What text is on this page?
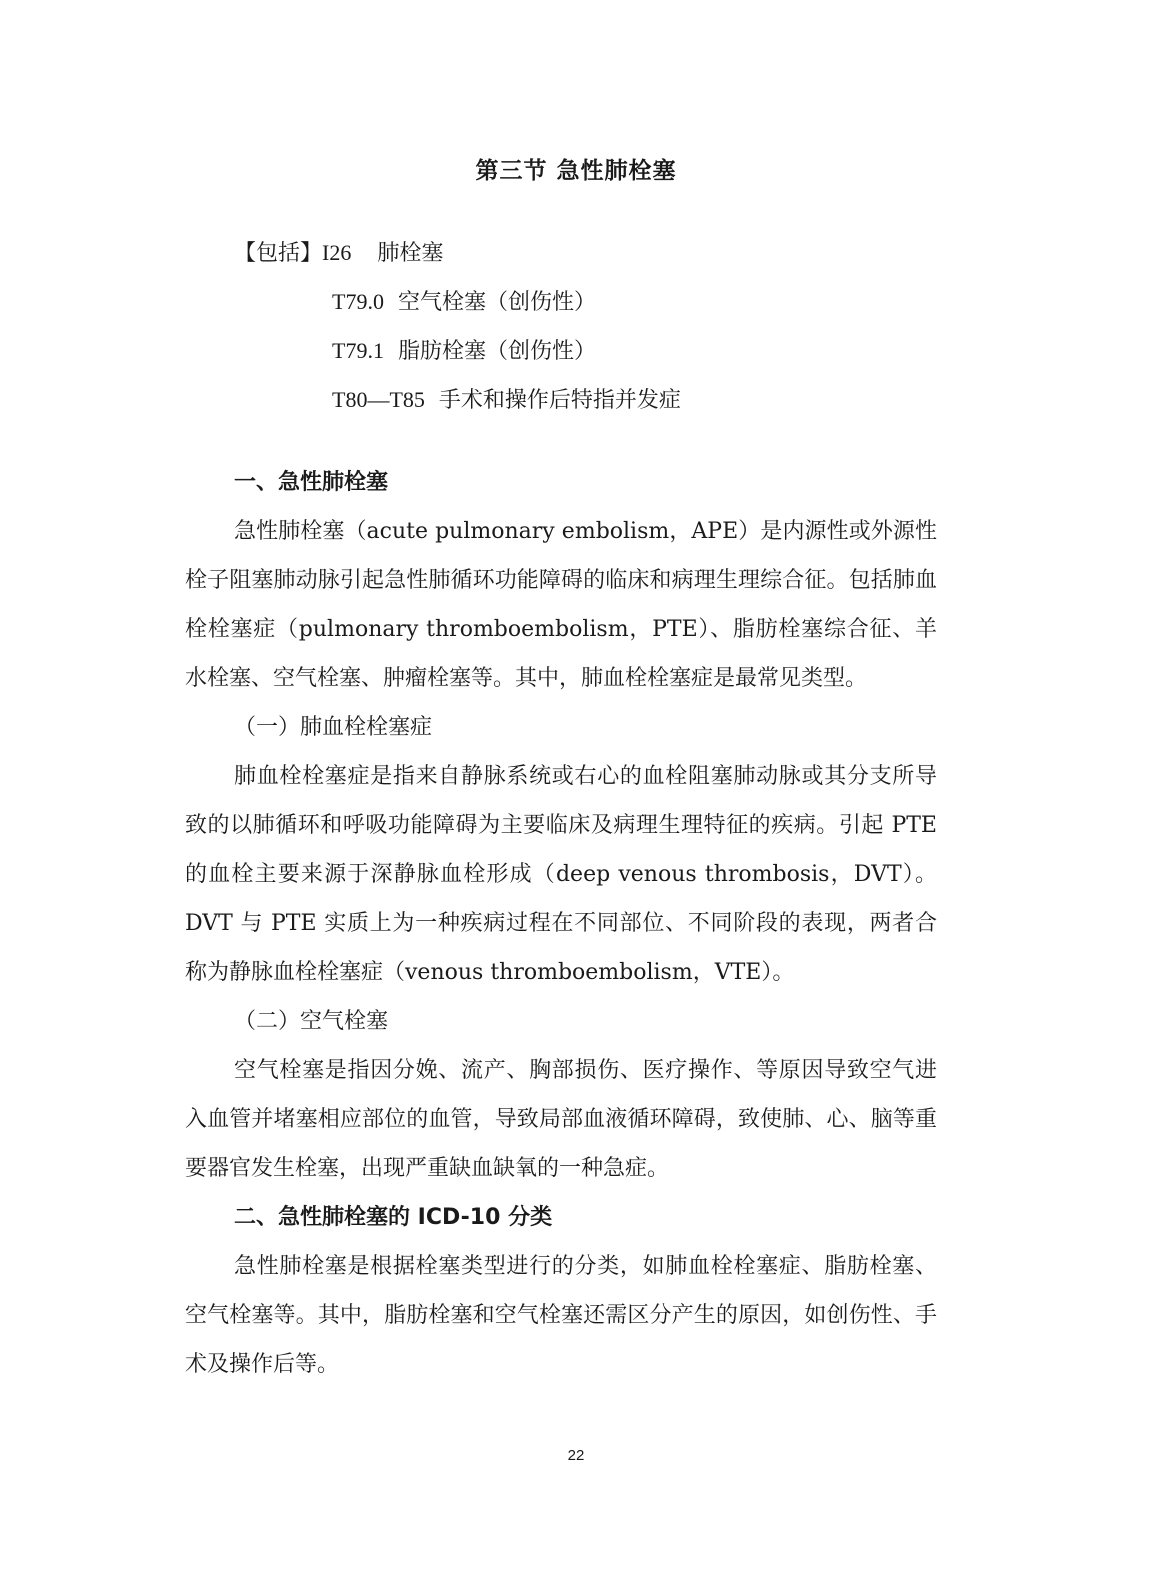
第三节 急性肺栓塞
【包括】I26 肺栓塞
T79.0 空气栓塞（创伤性）
T79.1 脂肪栓塞（创伤性）
T80—T85 手术和操作后特指并发症
一、急性肺栓塞

急性肺栓塞（acute pulmonary embolism，APE）是内源性或外源性栓子阻塞肺动脉引起急性肺循环功能障碍的临床和病理生理综合征。包括肺血栓栓塞症（pulmonary thromboembolism，PTE）、脂肪栓塞综合征、羊水栓塞、空气栓塞、肿瘤栓塞等。其中，肺血栓栓塞症是最常见类型。

（一）肺血栓栓塞症

肺血栓栓塞症是指来自静脉系统或右心的血栓阻塞肺动脉或其分支所导致的以肺循环和呼吸功能障碍为主要临床及病理生理特征的疾病。引起 PTE 的血栓主要来源于深静脉血栓形成（deep venous thrombosis，DVT）。DVT 与 PTE 实质上为一种疾病过程在不同部位、不同阶段的表现，两者合称为静脉血栓栓塞症（venous thromboembolism，VTE）。

（二）空气栓塞

空气栓塞是指因分娩、流产、胸部损伤、医疗操作、等原因导致空气进入血管并堵塞相应部位的血管，导致局部血液循环障碍，致使肺、心、脑等重要器官发生栓塞，出现严重缺血缺氧的一种急症。

二、急性肺栓塞的 ICD-10 分类

急性肺栓塞是根据栓塞类型进行的分类，如肺血栓栓塞症、脂肪栓塞、空气栓塞等。其中，脂肪栓塞和空气栓塞还需区分产生的原因，如创伤性、手术及操作后等。

22
